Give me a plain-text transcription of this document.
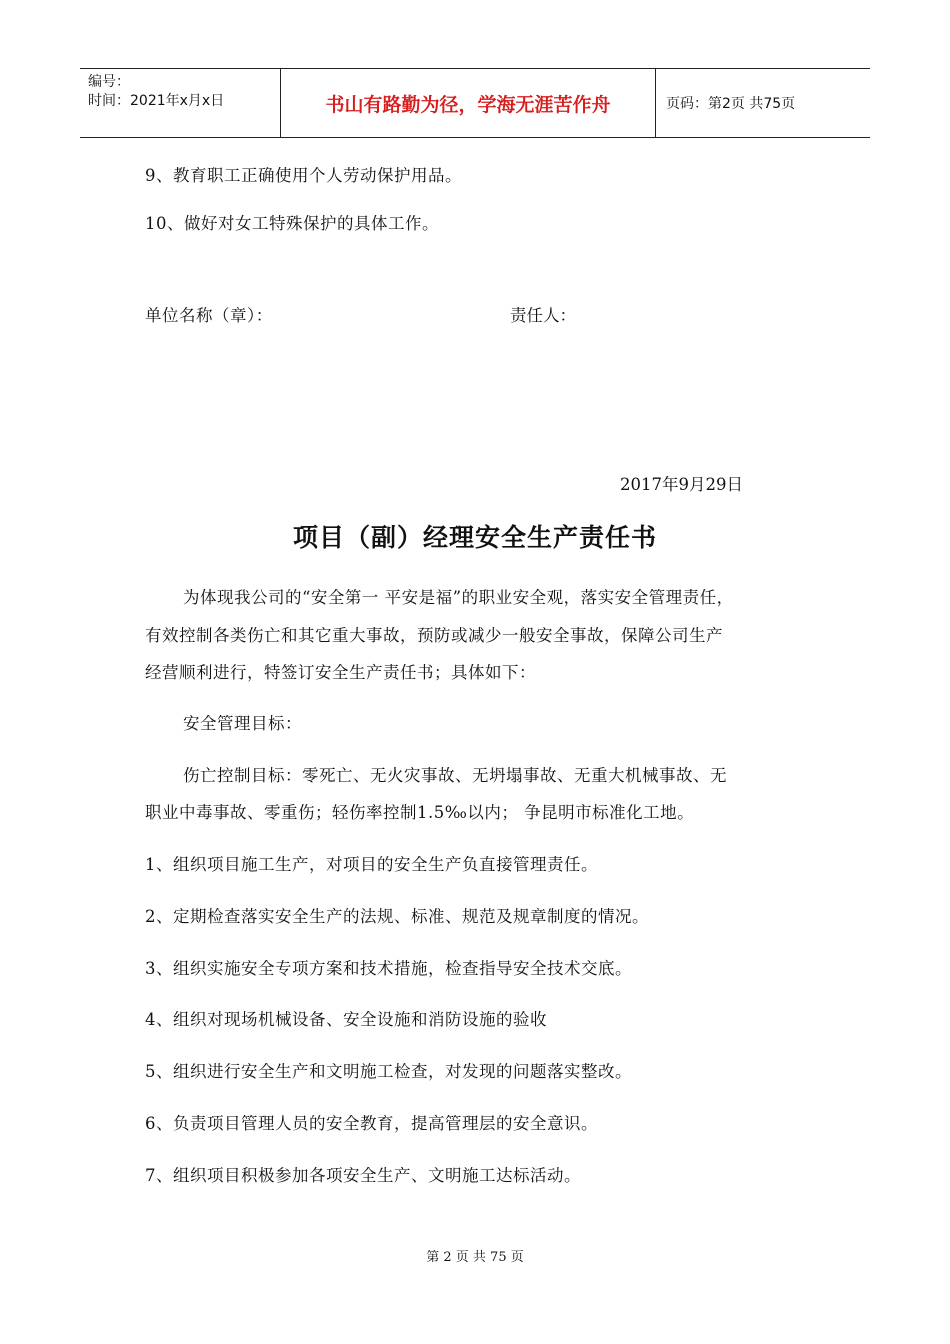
编号：
时间：2021年x月x日	书山有路勤为径，学海无涯苦作舟	页码：第2页 共75页
9、教育职工正确使用个人劳动保护用品。
10、做好对女工特殊保护的具体工作。
单位名称（章）：	责任人：
2017年9月29日
项目（副）经理安全生产责任书
为体现我公司的“安全第一 平安是福”的职业安全观，落实安全管理责任，
有效控制各类伤亡和其它重大事故，预防或减少一般安全事故，保障公司生产
经营顺利进行，特签订安全生产责任书；具体如下：
安全管理目标：
伤亡控制目标：零死亡、无火灾事故、无坍塌事故、无重大机械事故、无
职业中毒事故、零重伤；轻伤率控制1.5‰以内； 争昆明市标准化工地。
1、组织项目施工生产，对项目的安全生产负直接管理责任。
2、定期检查落实安全生产的法规、标准、规范及规章制度的情况。
3、组织实施安全专项方案和技术措施，检查指导安全技术交底。
4、组织对现场机械设备、安全设施和消防设施的验收
5、组织进行安全生产和文明施工检查，对发现的问题落实整改。
6、负责项目管理人员的安全教育，提高管理层的安全意识。
7、组织项目积极参加各项安全生产、文明施工达标活动。
第 2 页 共 75 页
